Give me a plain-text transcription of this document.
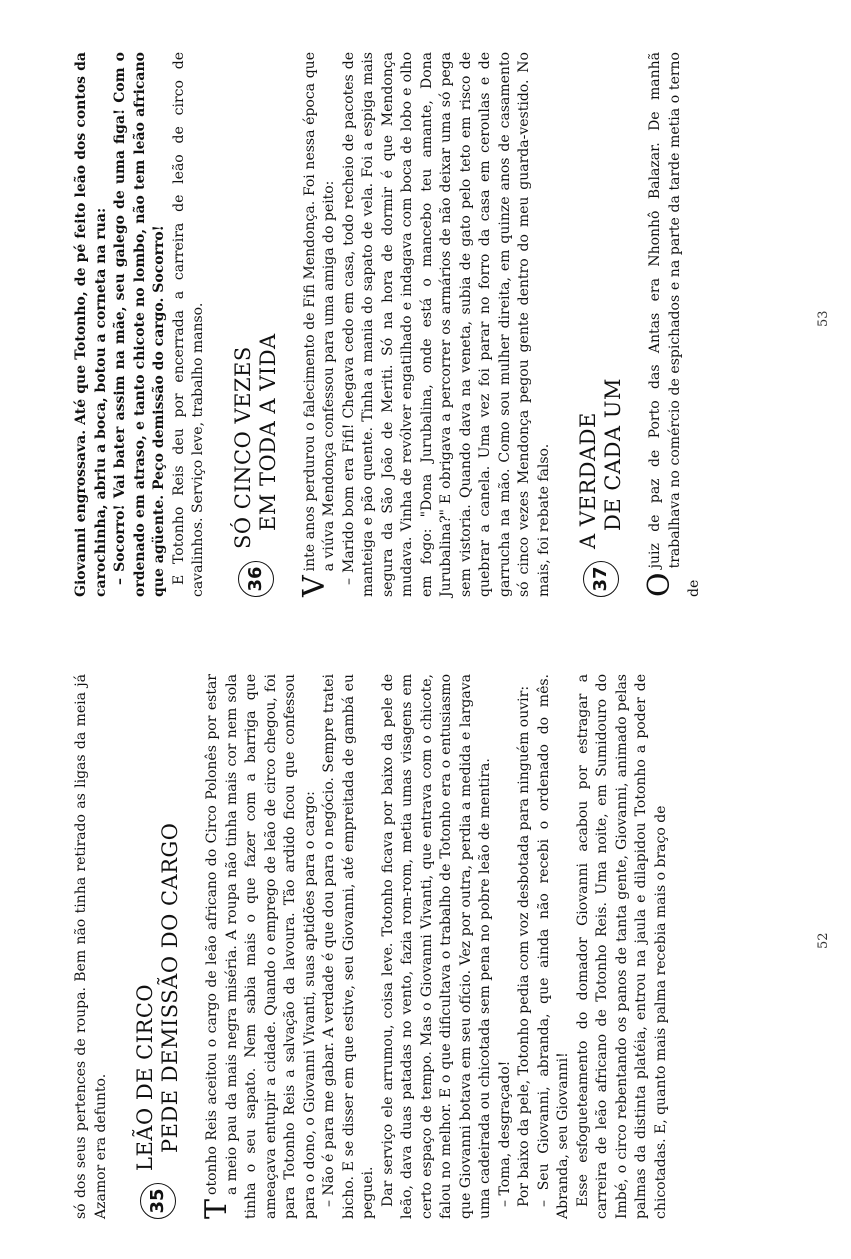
só dos seus pertences de roupa. Bem não tinha retirado as ligas da meia já Azamor era defunto.	35
LEÃO DE CIRCO PEDE DEMISSÃO DO CARGO

T
otonho Reis aceitou o cargo de leão africano do Circo Polonês por estar a meio pau da mais negra miséria. A roupa não tinha mais cor nem sola tinha o seu sapato. Nem sabia mais o que fazer com a barriga que ameaçava entupir a cidade. Quando o emprego de leão de circo chegou, foi para Totonho Reis a salvação da lavoura. Tão ardido ficou que confessou para o dono, o Giovanni Vivanti, suas aptidões para o cargo: – Não é para me gabar. A verdade é que dou para o negócio. Sempre tratei bicho. E se disser em que estive, seu Giovanni, até empreitada de gambá eu peguei. Dar serviço ele arrumou, coisa leve. Totonho ficava por baixo da pele de leão, dava duas patadas no vento, fazia rom-rom, metia umas visagens em certo espaço de tempo. Mas o Giovanni Vivanti, que entrava com o chicote, falou no melhor. E o que dificultava o trabalho de Totonho era o entusiasmo que Giovanni botava em seu ofício. Vez por outra, perdia a medida e largava uma cadeirada ou chicotada sem pena no pobre leão de mentira. – Toma, desgraçado! Por baixo da pele, Totonho pedia com voz desbotada para ninguém ouvir: – Seu Giovanni, abranda, que ainda não recebi o ordenado do mês. Abranda, seu Giovanni! Esse esfogueteamento do domador Giovanni acabou por estragar a carreira de leão africano de Totonho Reis. Uma noite, em Sumidouro do Imbé, o circo rebentando os panos de tanta gente, Giovanni, animado pelas palmas da distinta platéia, entrou na jaula e dilapidou Totonho a poder de chicotadas. E, quanto mais palma recebia mais o braço de	52

Giovanni engrossava. Até que Totonho, de pé feito leão dos contos da carochinha, abriu a boca, botou a corneta na rua: – Socorro! Vai bater assim na mãe, seu galego de uma figa! Com o ordenado em atraso, e tanto chicote no lombo, não tem leão africano que agüente. Peço demissão do cargo. Socorro! E Totonho Reis deu por encerrada a carreira de leão de circo de cavalinhos. Serviço leve, trabalho manso.	36
SÓ CINCO VEZES EM TODA A VIDA

V
inte anos perdurou o falecimento de Fifi Mendonça. Foi nessa época que a viúva Mendonça confessou para uma amiga do peito: – Marido bom era Fifi! Chegava cedo em casa, todo recheio de pacotes de manteiga e pão quente. Tinha a mania do sapato de vela. Foi a espiga mais segura da São João de Meriti. Só na hora de dormir é que Mendonça mudava. Vinha de revólver engatilhado e indagava com boca de lobo e olho em fogo: "Dona Jurubalina, onde está o mancebo teu amante, Dona Jurubalina?" E obrigava a percorrer os armários de não deixar uma só pega sem vistoria. Quando dava na veneta, subia de gato pelo teto em risco de quebrar a canela. Uma vez foi parar no forro da casa em ceroulas e de garrucha na mão. Como sou mulher direita, em quinze anos de casamento só cinco vezes Mendonça pegou gente dentro do meu guarda-vestido. No mais, foi rebate falso.	37
A VERDADE DE CADA UM

O
juiz de paz de Porto das Antas era Nhonhô Balazar. De manhã trabalhava no comércio de espichados e na parte da tarde metia o terno de

53
